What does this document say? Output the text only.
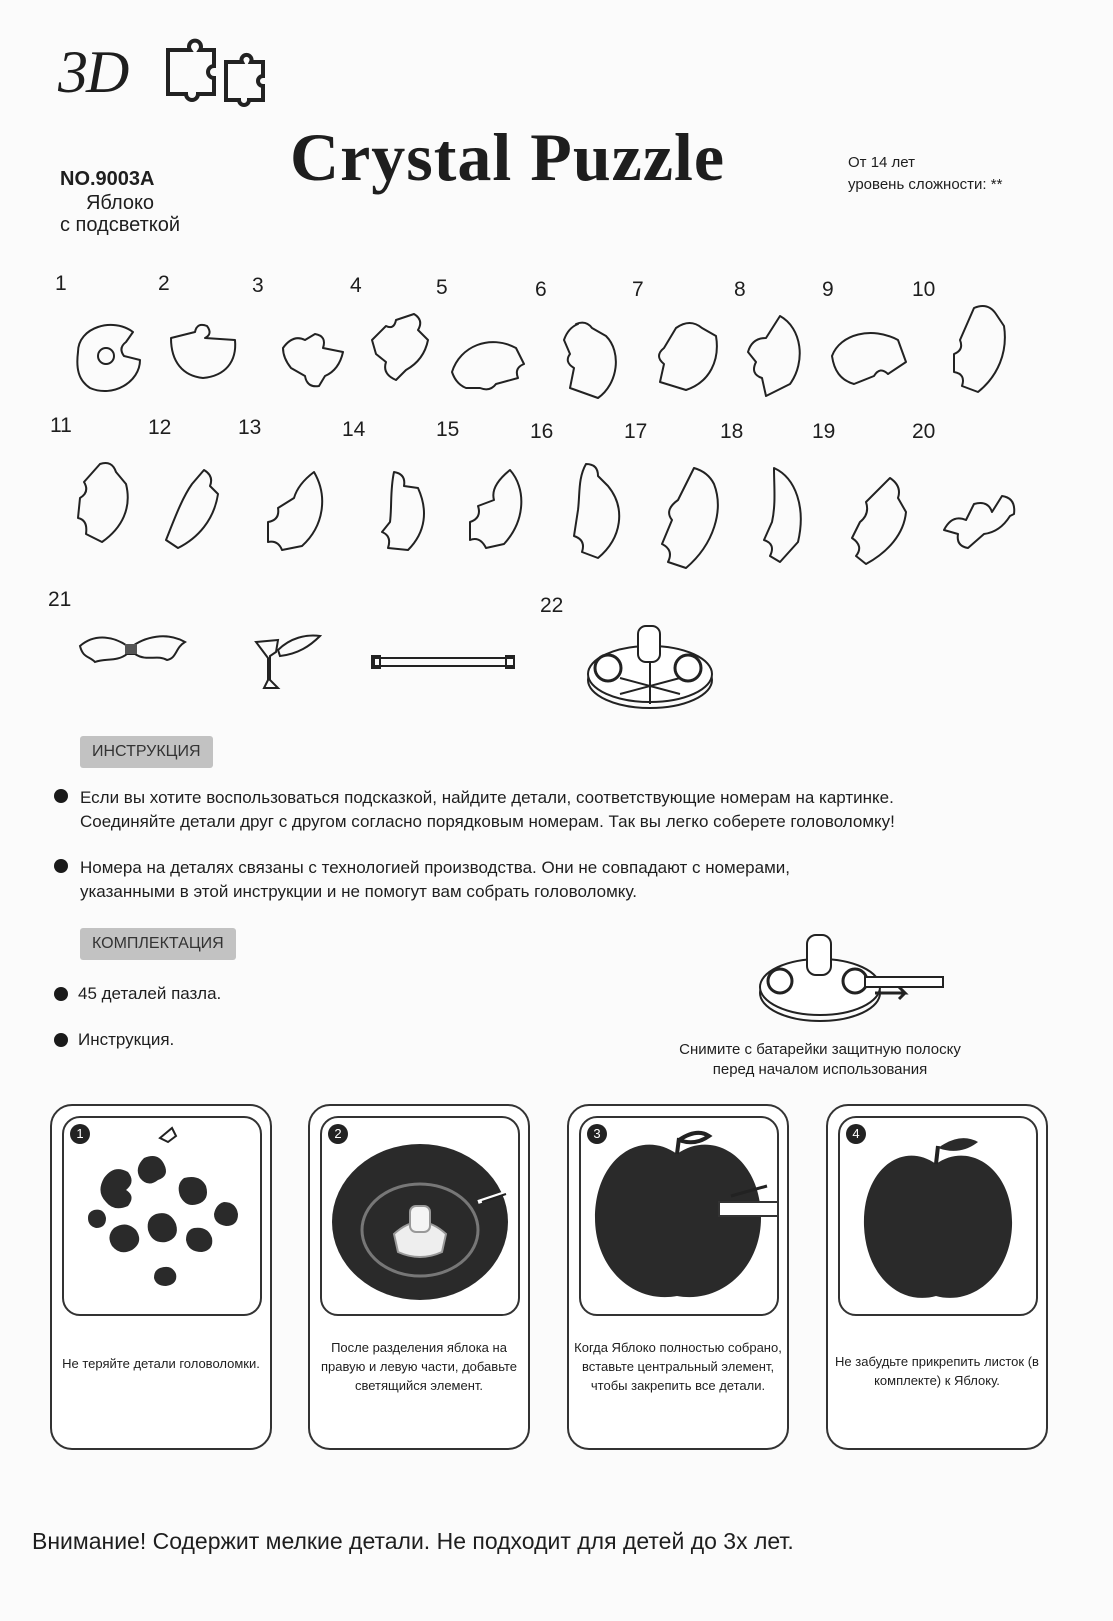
3D
Crystal Puzzle
NO.9003A
Яблоко
с подсветкой
От 14 лет
уровень сложности: **
1	2	3	4	5	6	7	8	9	10
11	12	13	14	15	16	17	18	19	20
21	22
ИНСТРУКЦИЯ
Если вы хотите воспользоваться подсказкой, найдите детали, соответствующие номерам на картинке.
Соединяйте детали друг с другом согласно порядковым номерам. Так вы легко соберете головоломку!
Номера на деталях связаны с технологией производства. Они не совпадают с номерами,
указанными в этой инструкции и не помогут вам собрать головоломку.
КОМПЛЕКТАЦИЯ
45 деталей пазла.
Инструкция.
Снимите с батарейки защитную полоску
перед началом использования
1
Не теряйте детали головоломки.
2
После разделения яблока на правую и левую части, добавьте светящийся элемент.
3
Когда Яблоко полностью собрано, вставьте центральный элемент, чтобы закрепить все детали.
4
Не забудьте прикрепить листок (в комплекте) к Яблоку.
Внимание! Содержит мелкие детали. Не подходит для детей до 3х лет.
